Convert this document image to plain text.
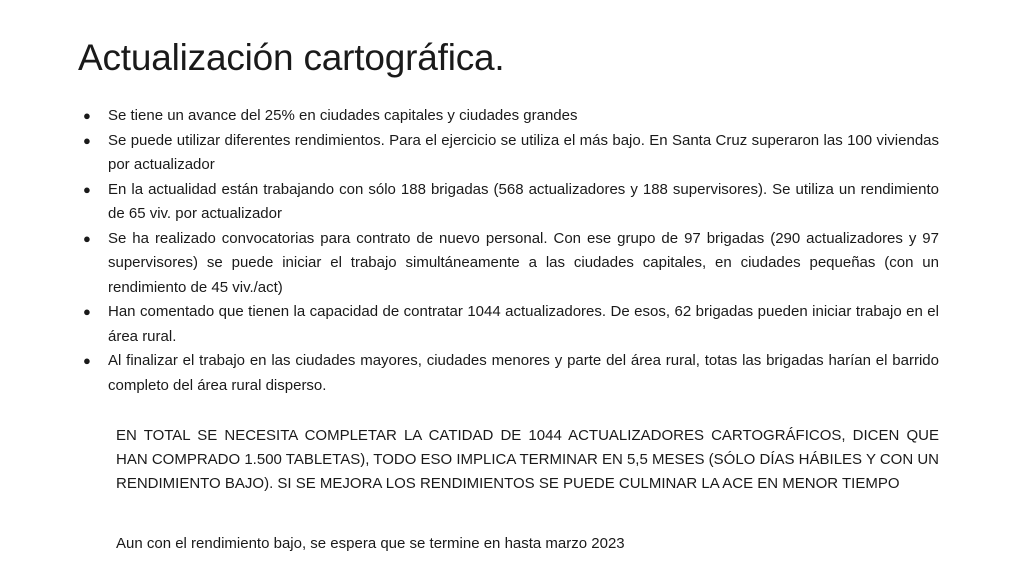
Actualización cartográfica.
● Se tiene un avance del 25% en ciudades capitales y ciudades grandes
● Se puede utilizar diferentes rendimientos. Para el ejercicio se utiliza el más bajo. En Santa Cruz superaron las 100 viviendas por actualizador
● En la actualidad están trabajando con sólo 188 brigadas (568 actualizadores y 188 supervisores). Se utiliza un rendimiento de 65 viv. por actualizador
● Se ha realizado convocatorias para contrato de nuevo personal. Con ese grupo de 97 brigadas (290 actualizadores y 97 supervisores) se puede iniciar el trabajo simultáneamente a las ciudades capitales, en ciudades pequeñas (con un rendimiento de 45 viv./act)
● Han comentado que tienen la capacidad de contratar 1044 actualizadores. De esos, 62 brigadas pueden iniciar trabajo en el área rural.
● Al finalizar el trabajo en las ciudades mayores, ciudades menores y parte del área rural, totas las brigadas harían el barrido completo del área rural disperso.

EN TOTAL SE NECESITA COMPLETAR LA CATIDAD DE 1044 ACTUALIZADORES CARTOGRÁFICOS, DICEN QUE HAN COMPRADO 1.500 TABLETAS), TODO ESO IMPLICA TERMINAR EN 5,5 MESES (SÓLO DÍAS HÁBILES Y CON UN RENDIMIENTO BAJO). SI SE MEJORA LOS RENDIMIENTOS SE PUEDE CULMINAR LA ACE EN MENOR TIEMPO

Aun con el rendimiento bajo, se espera que se termine en hasta marzo 2023
